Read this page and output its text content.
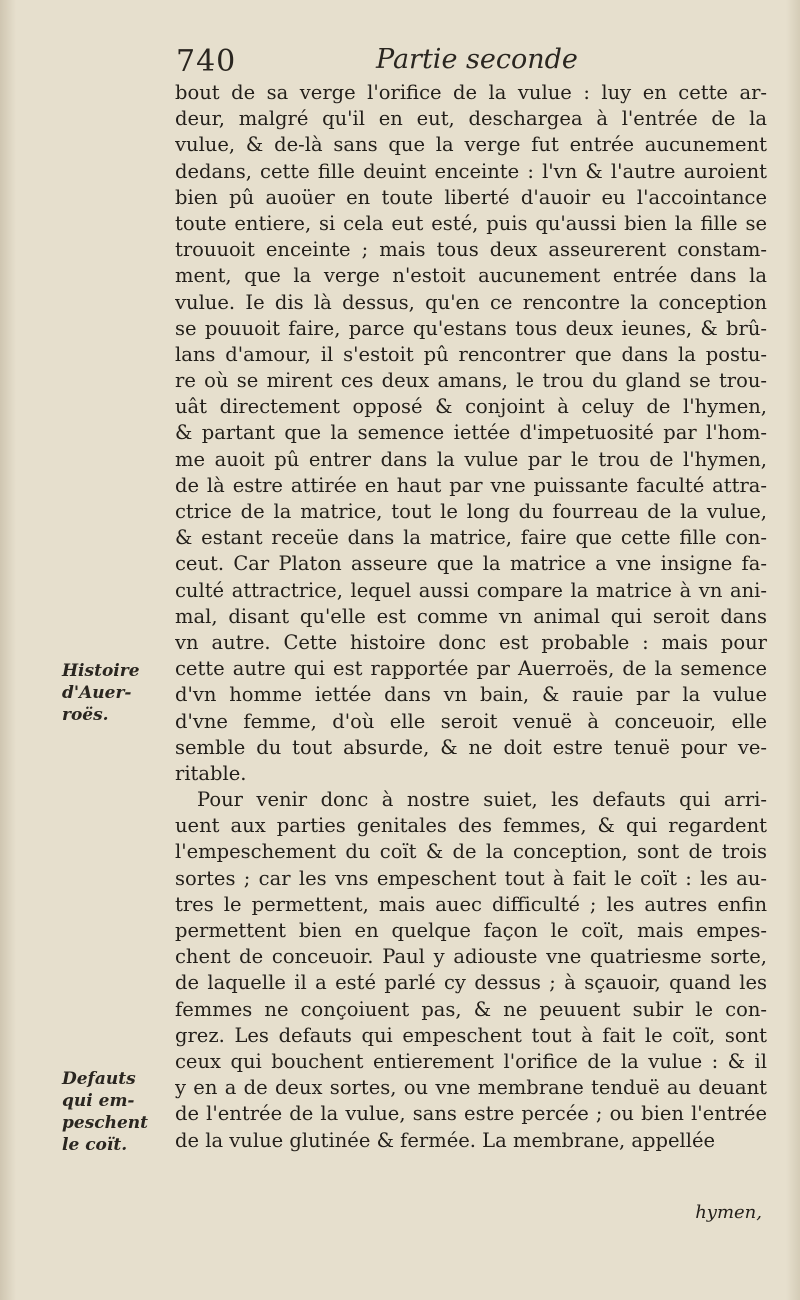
740	Partie seconde
bout de sa verge l'orifice de la vulue : luy en cette ar-
deur, malgré qu'il en eut, deschargea à l'entrée de la
vulue, & de-là sans que la verge fut entrée aucunement
dedans, cette fille deuint enceinte : l'vn & l'autre auroient
bien pû auoüer en toute liberté d'auoir eu l'accointance
toute entiere, si cela eut esté, puis qu'aussi bien la fille se
trouuoit enceinte ; mais tous deux asseurerent constam-
ment, que la verge n'estoit aucunement entrée dans la
vulue. Ie dis là dessus, qu'en ce rencontre la conception
se pouuoit faire, parce qu'estans tous deux ieunes, & brû-
lans d'amour, il s'estoit pû rencontrer que dans la postu-
re où se mirent ces deux amans, le trou du gland se trou-
uât directement opposé & conjoint à celuy de l'hymen,
& partant que la semence iettée d'impetuosité par l'hom-
me auoit pû entrer dans la vulue par le trou de l'hymen,
de là estre attirée en haut par vne puissante faculté attra-
ctrice de la matrice, tout le long du fourreau de la vulue,
& estant receüe dans la matrice, faire que cette fille con-
ceut. Car Platon asseure que la matrice a vne insigne fa-
culté attractrice, lequel aussi compare la matrice à vn ani-
mal, disant qu'elle est comme vn animal qui seroit dans
vn autre. Cette histoire donc est probable : mais pour
cette autre qui est rapportée par Auerroës, de la semence
d'vn homme iettée dans vn bain, & rauie par la vulue
d'vne femme, d'où elle seroit venuë à conceuoir, elle
semble du tout absurde, & ne doit estre tenuë pour ve-
ritable.
Pour venir donc à nostre suiet, les defauts qui arri-
uent aux parties genitales des femmes, & qui regardent
l'empeschement du coït & de la conception, sont de trois
sortes ; car les vns empeschent tout à fait le coït : les au-
tres le permettent, mais auec difficulté ; les autres enfin
permettent bien en quelque façon le coït, mais empes-
chent de conceuoir. Paul y adiouste vne quatriesme sorte,
de laquelle il a esté parlé cy dessus ; à sçauoir, quand les
femmes ne conçoiuent pas, & ne peuuent subir le con-
grez. Les defauts qui empeschent tout à fait le coït, sont
ceux qui bouchent entierement l'orifice de la vulue : & il
y en a de deux sortes, ou vne membrane tenduë au deuant
de l'entrée de la vulue, sans estre percée ; ou bien l'entrée
de la vulue glutinée & fermée. La membrane, appellée
Histoire
d'Auer-
roës.
Defauts
qui em-
peschent
le coït.
hymen,
